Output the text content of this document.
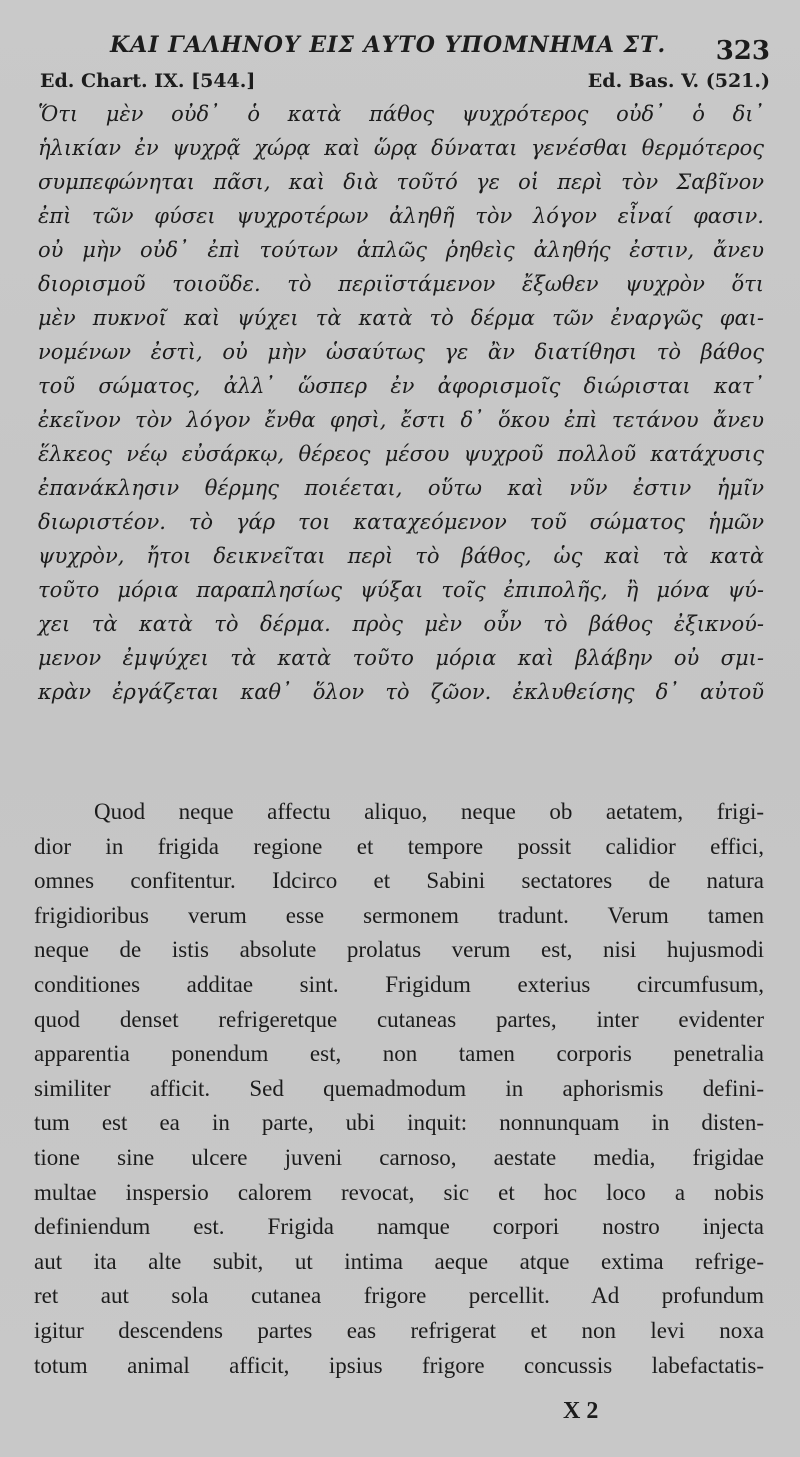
ΚΑΙ ΓΑΛΗΝΟΥ ΕΙΣ ΑΥΤΟ ΥΠΟΜΝΗΜΑ ΣΤ. 323
Ed. Chart. IX. [544.]	Ed. Bas. V. (521.)
Ὅτι μὲν οὐδ᾽ ὁ κατὰ πάθος ψυχρότερος οὐδ᾽ ὁ δι᾽
ἡλικίαν ἐν ψυχρᾷ χώρᾳ καὶ ὥρᾳ δύναται γενέσθαι θερμότερος
συμπεφώνηται πᾶσι, καὶ διὰ τοῦτό γε οἱ περὶ τὸν Σαβῖνον
ἐπὶ τῶν φύσει ψυχροτέρων ἀληθῆ τὸν λόγον εἶναί φασιν.
οὐ μὴν οὐδ᾽ ἐπὶ τούτων ἁπλῶς ῥηθεὶς ἀληθής ἐστιν, ἄνευ
διορισμοῦ τοιοῦδε. τὸ περιϊστάμενον ἔξωθεν ψυχρὸν ὅτι
μὲν πυκνοῖ καὶ ψύχει τὰ κατὰ τὸ δέρμα τῶν ἐναργῶς φαι-
νομένων ἐστὶ, οὐ μὴν ὡσαύτως γε ἂν διατίθησι τὸ βάθος
τοῦ σώματος, ἀλλ᾽ ὥσπερ ἐν ἀφορισμοῖς διώρισται κατ᾽
ἐκεῖνον τὸν λόγον ἔνθα φησὶ, ἔστι δ᾽ ὅκου ἐπὶ τετάνου ἄνευ
ἕλκεος νέῳ εὐσάρκῳ, θέρεος μέσου ψυχροῦ πολλοῦ κατάχυσις
ἐπανάκλησιν θέρμης ποιέεται, οὕτω καὶ νῦν ἐστιν ἡμῖν
διωριστέον. τὸ γάρ τοι καταχεόμενον τοῦ σώματος ἡμῶν
ψυχρὸν, ἤτοι δεικνεῖται περὶ τὸ βάθος, ὡς καὶ τὰ κατὰ
τοῦτο μόρια παραπλησίως ψύξαι τοῖς ἐπιπολῆς, ἢ μόνα ψύ-
χει τὰ κατὰ τὸ δέρμα. πρὸς μὲν οὖν τὸ βάθος ἐξικνού-
μενον ἐμψύχει τὰ κατὰ τοῦτο μόρια καὶ βλάβην οὐ σμι-
κρὰν ἐργάζεται καθ᾽ ὅλον τὸ ζῶον. ἐκλυθείσης δ᾽ αὐτοῦ
Quod neque affectu aliquo, neque ob aetatem, frigi-
dior in frigida regione et tempore possit calidior effici,
omnes confitentur. Idcirco et Sabini sectatores de natura
frigidioribus verum esse sermonem tradunt. Verum tamen
neque de istis absolute prolatus verum est, nisi hujusmodi
conditiones additae sint. Frigidum exterius circumfusum,
quod denset refrigeretque cutaneas partes, inter evidenter
apparentia ponendum est, non tamen corporis penetralia
similiter afficit. Sed quemadmodum in aphorismis defini-
tum est ea in parte, ubi inquit: nonnunquam in disten-
tione sine ulcere juveni carnoso, aestate media, frigidae
multae inspersio calorem revocat, sic et hoc loco a nobis
definiendum est. Frigida namque corpori nostro injecta
aut ita alte subit, ut intima aeque atque extima refrige-
ret aut sola cutanea frigore percellit. Ad profundum
igitur descendens partes eas refrigerat et non levi noxa
totum animal afficit, ipsius frigore concussis labefactatis-
X 2
